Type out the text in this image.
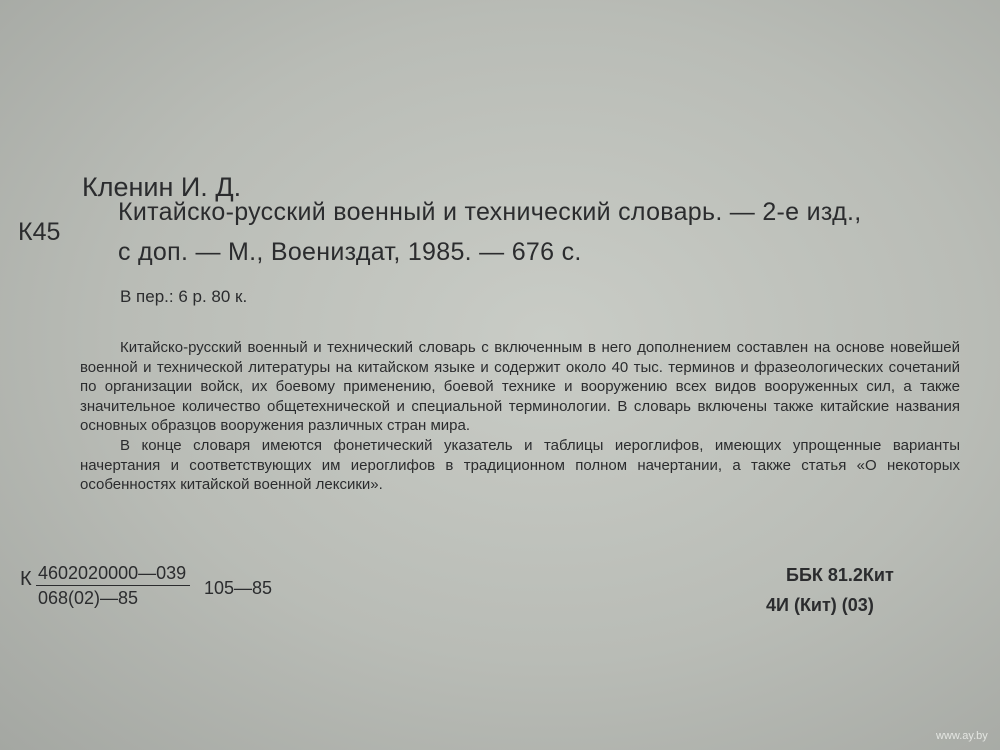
Кленин И. Д.
К45
Китайско-русский военный и технический словарь. — 2-е изд.,
с доп. — М., Воениздат, 1985. — 676 с.
В пер.: 6 р. 80 к.

Китайско-русский военный и технический словарь с включенным в него дополнением составлен на основе новейшей военной и технической литературы на китайском языке и содержит около 40 тыс. терминов и фразеологических сочетаний по организации войск, их боевому применению, боевой технике и вооружению всех видов вооруженных сил, а также значительное количество общетехнической и специальной терминологии. В словарь включены также китайские названия основных образцов вооружения различных стран мира.

В конце словаря имеются фонетический указатель и таблицы иероглифов, имеющих упрощенные варианты начертания и соответствующих им иероглифов в традиционном полном начертании, а также статья «О некоторых особенностях китайской военной лексики».

К $\frac{4602020000—039}{068(02)—85}$ 105—85
ББК 81.2Кит
4И (Кит) (03)
www.ay.by
